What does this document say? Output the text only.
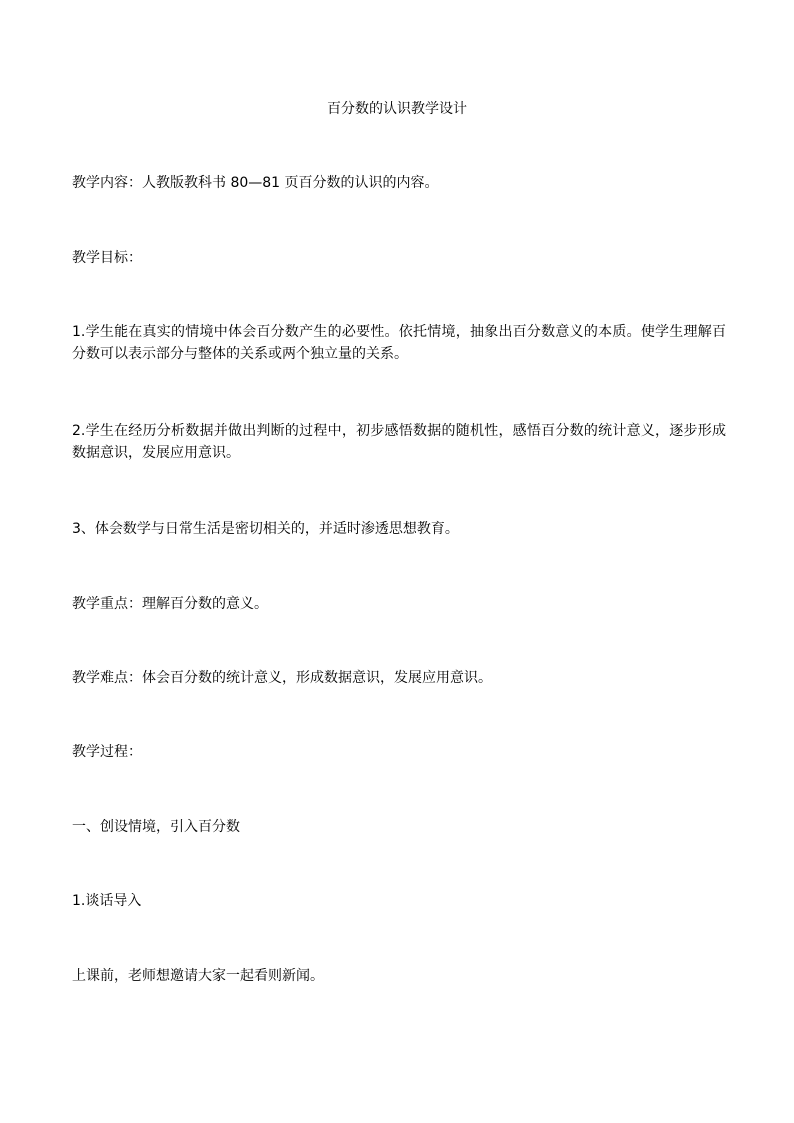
百分数的认识教学设计
教学内容：人教版教科书 80—81 页百分数的认识的内容。
教学目标：
1.学生能在真实的情境中体会百分数产生的必要性。依托情境，抽象出百分数意义的本质。使学生理解百分数可以表示部分与整体的关系或两个独立量的关系。
2.学生在经历分析数据并做出判断的过程中，初步感悟数据的随机性，感悟百分数的统计意义，逐步形成数据意识，发展应用意识。
3、体会数学与日常生活是密切相关的，并适时渗透思想教育。
教学重点：理解百分数的意义。
教学难点：体会百分数的统计意义，形成数据意识，发展应用意识。
教学过程：
一、创设情境，引入百分数
1.谈话导入
上课前，老师想邀请大家一起看则新闻。
